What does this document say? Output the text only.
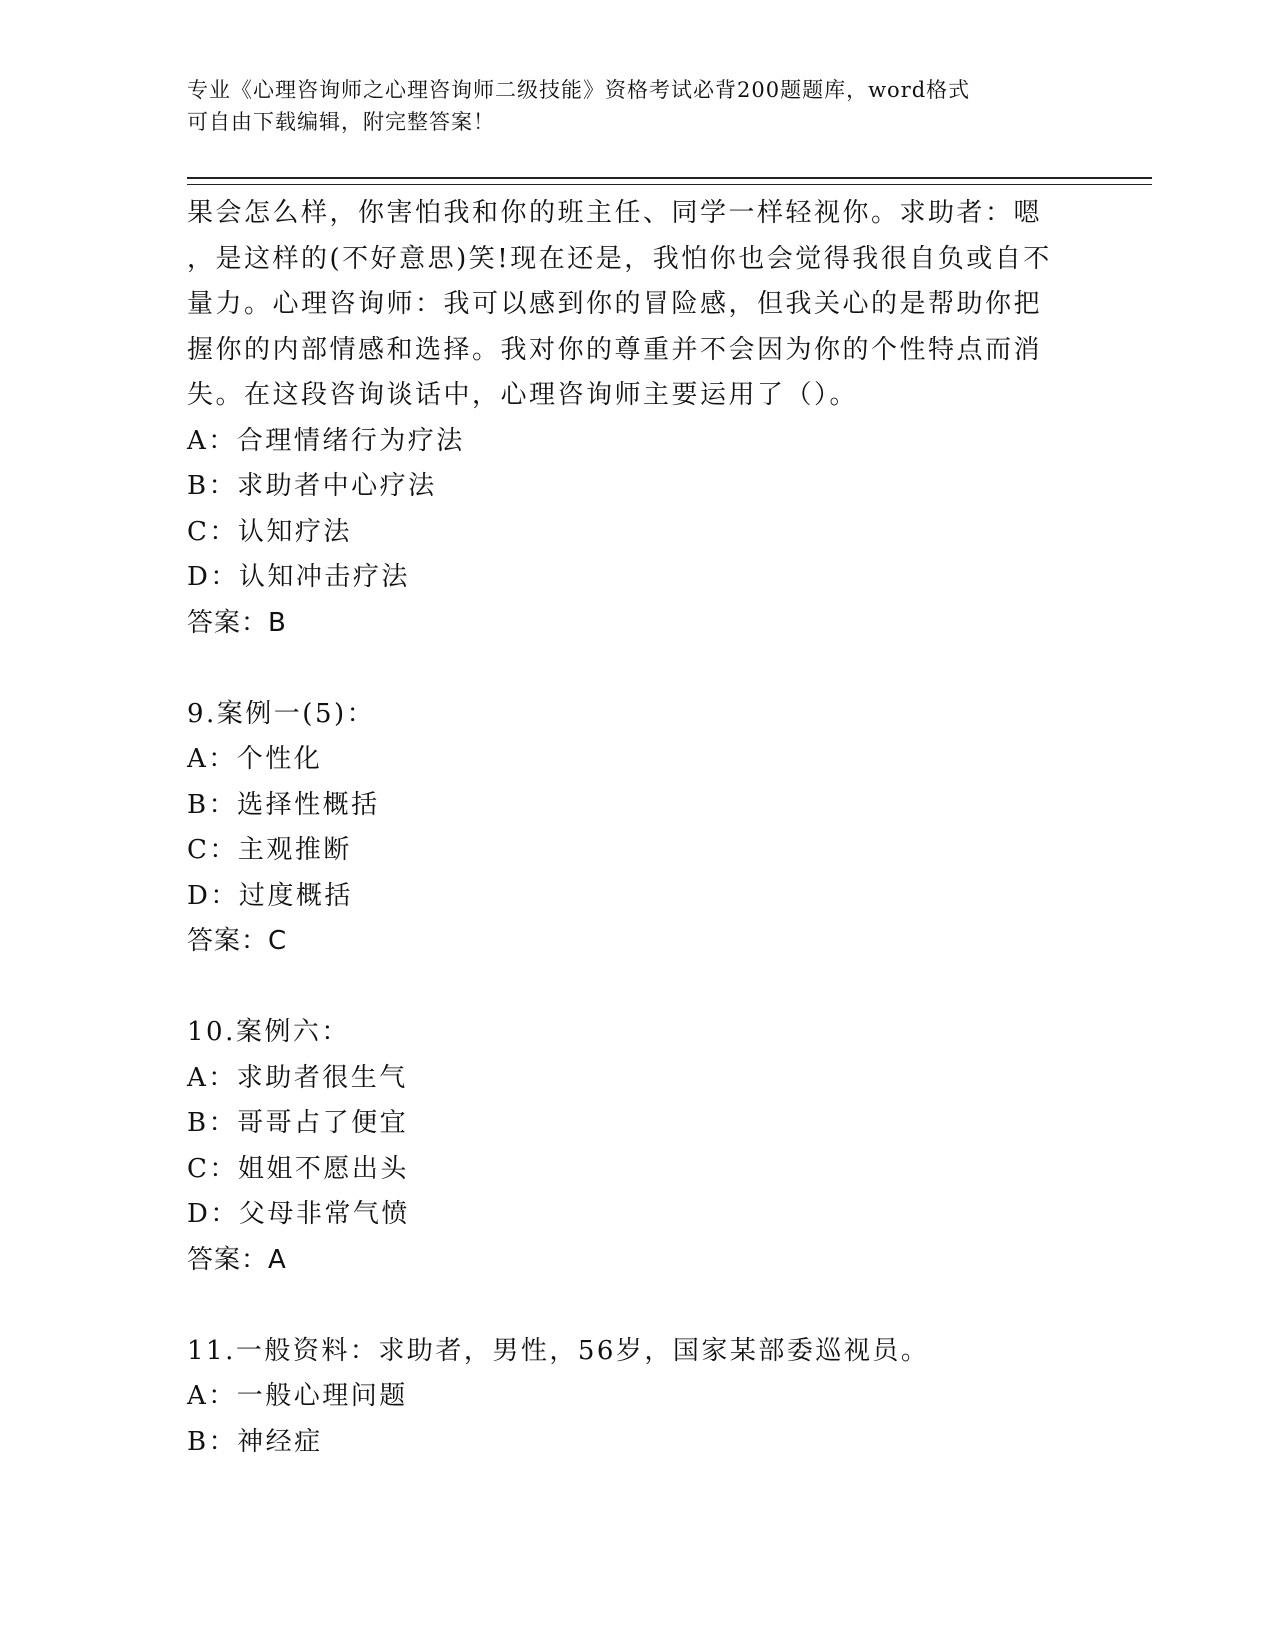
专业《心理咨询师之心理咨询师二级技能》资格考试必背200题题库，word格式
可自由下载编辑，附完整答案！
果会怎么样，你害怕我和你的班主任、同学一样轻视你。求助者：嗯
，是这样的(不好意思)笑!现在还是，我怕你也会觉得我很自负或自不
量力。心理咨询师：我可以感到你的冒险感，但我关心的是帮助你把
握你的内部情感和选择。我对你的尊重并不会因为你的个性特点而消
失。在这段咨询谈话中，心理咨询师主要运用了（）。
A：合理情绪行为疗法
B：求助者中心疗法
C：认知疗法
D：认知冲击疗法
答案：B
9.案例一(5)：
A：个性化
B：选择性概括
C：主观推断
D：过度概括
答案：C
10.案例六：
A：求助者很生气
B：哥哥占了便宜
C：姐姐不愿出头
D：父母非常气愤
答案：A
11.一般资料：求助者，男性，56岁，国家某部委巡视员。
A：一般心理问题
B：神经症
